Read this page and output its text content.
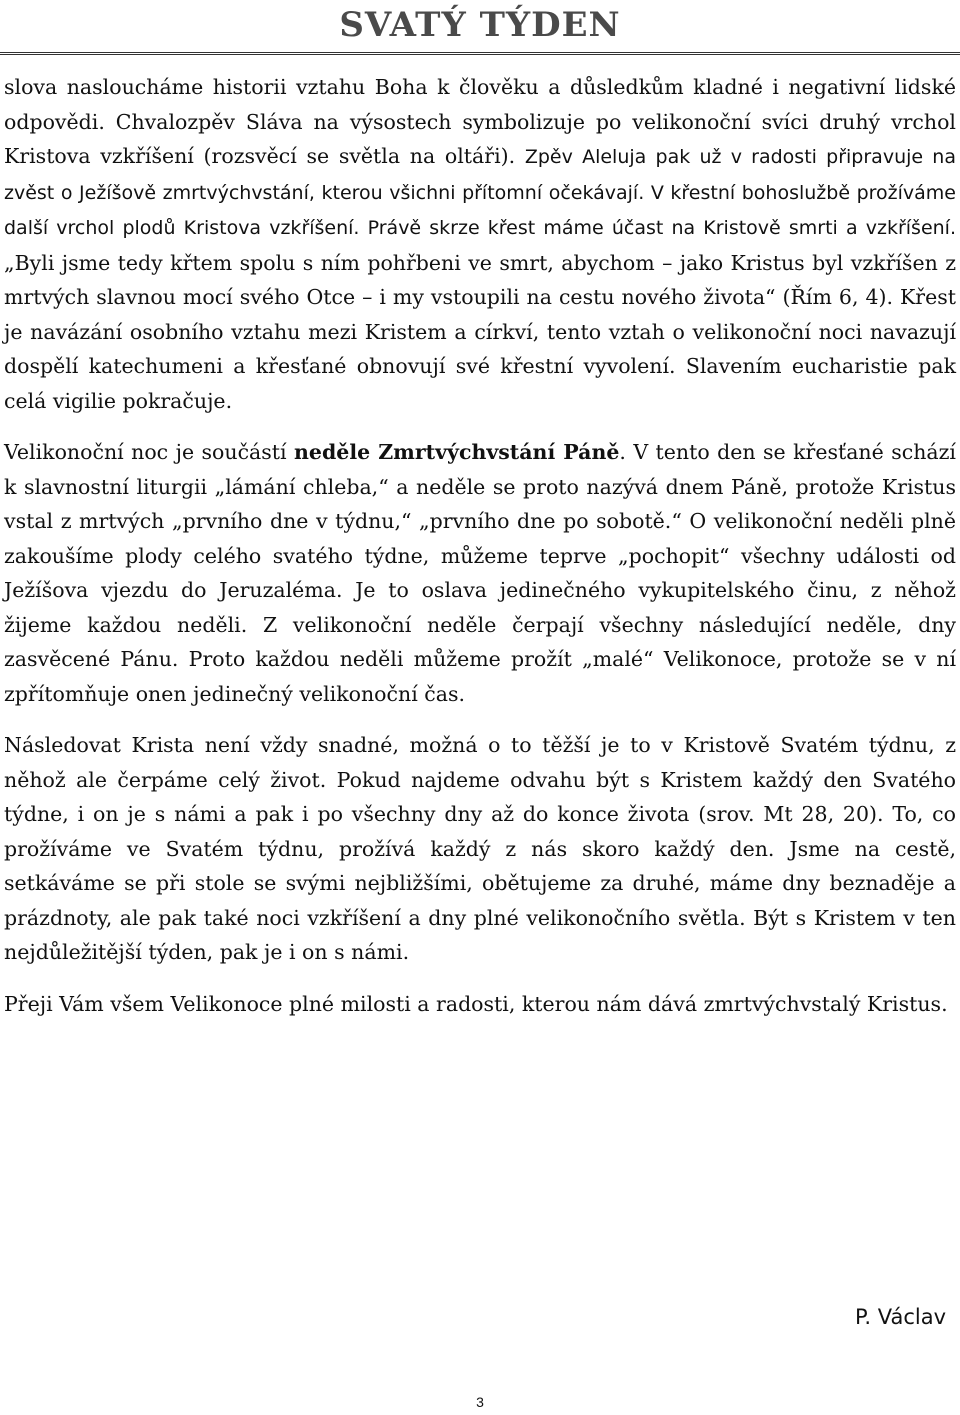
SVATÝ TÝDEN

slova nasloucháme historii vztahu Boha k člověku a důsledkům kladné i negativní lidské odpovědi. Chvalozpěv Sláva na výsostech symbolizuje po velikonoční svíci druhý vrchol Kristova vzkříšení (rozsvěcí se světla na oltáři). Zpěv Aleluja pak už v radosti připravuje na zvěst o Ježíšově zmrtvýchvstání, kterou všichni přítomní očekávají. V křestní bohoslužbě prožíváme další vrchol plodů Kristova vzkříšení. Právě skrze křest máme účast na Kristově smrti a vzkříšení. „Byli jsme tedy křtem spolu s ním pohřbeni ve smrt, abychom – jako Kristus byl vzkříšen z mrtvých slavnou mocí svého Otce – i my vstoupili na cestu nového života“ (Řím 6, 4). Křest je navázání osobního vztahu mezi Kristem a církví, tento vztah o velikonoční noci navazují dospělí katechumeni a křesťané obnovují své křestní vyvolení. Slavením eucharistie pak celá vigilie pokračuje.

Velikonoční noc je součástí neděle Zmrtvýchvstání Páně. V tento den se křesťané schází k slavnostní liturgii „lámání chleba,“ a neděle se proto nazývá dnem Páně, protože Kristus vstal z mrtvých „prvního dne v týdnu,“ „prvního dne po sobotě.“ O velikonoční neděli plně zakoušíme plody celého svatého týdne, můžeme teprve „pochopit“ všechny události od Ježíšova vjezdu do Jeruzaléma. Je to oslava jedinečného vykupitelského činu, z něhož žijeme každou neděli. Z velikonoční neděle čerpají všechny následující neděle, dny zasvěcené Pánu. Proto každou neděli můžeme prožít „malé“ Velikonoce, protože se v ní zpřítomňuje onen jedinečný velikonoční čas.

Následovat Krista není vždy snadné, možná o to těžší je to v Kristově Svatém týdnu, z něhož ale čerpáme celý život. Pokud najdeme odvahu být s Kristem každý den Svatého týdne, i on je s námi a pak i po všechny dny až do konce života (srov. Mt 28, 20). To, co prožíváme ve Svatém týdnu, prožívá každý z nás skoro každý den. Jsme na cestě, setkáváme se při stole se svými nejbližšími, obětujeme za druhé, máme dny beznaděje a prázdnoty, ale pak také noci vzkříšení a dny plné velikonočního světla. Být s Kristem v ten nejdůležitější týden, pak je i on s námi.

Přeji Vám všem Velikonoce plné milosti a radosti, kterou nám dává zmrtvýchvstalý Kristus.

P. Václav
3
